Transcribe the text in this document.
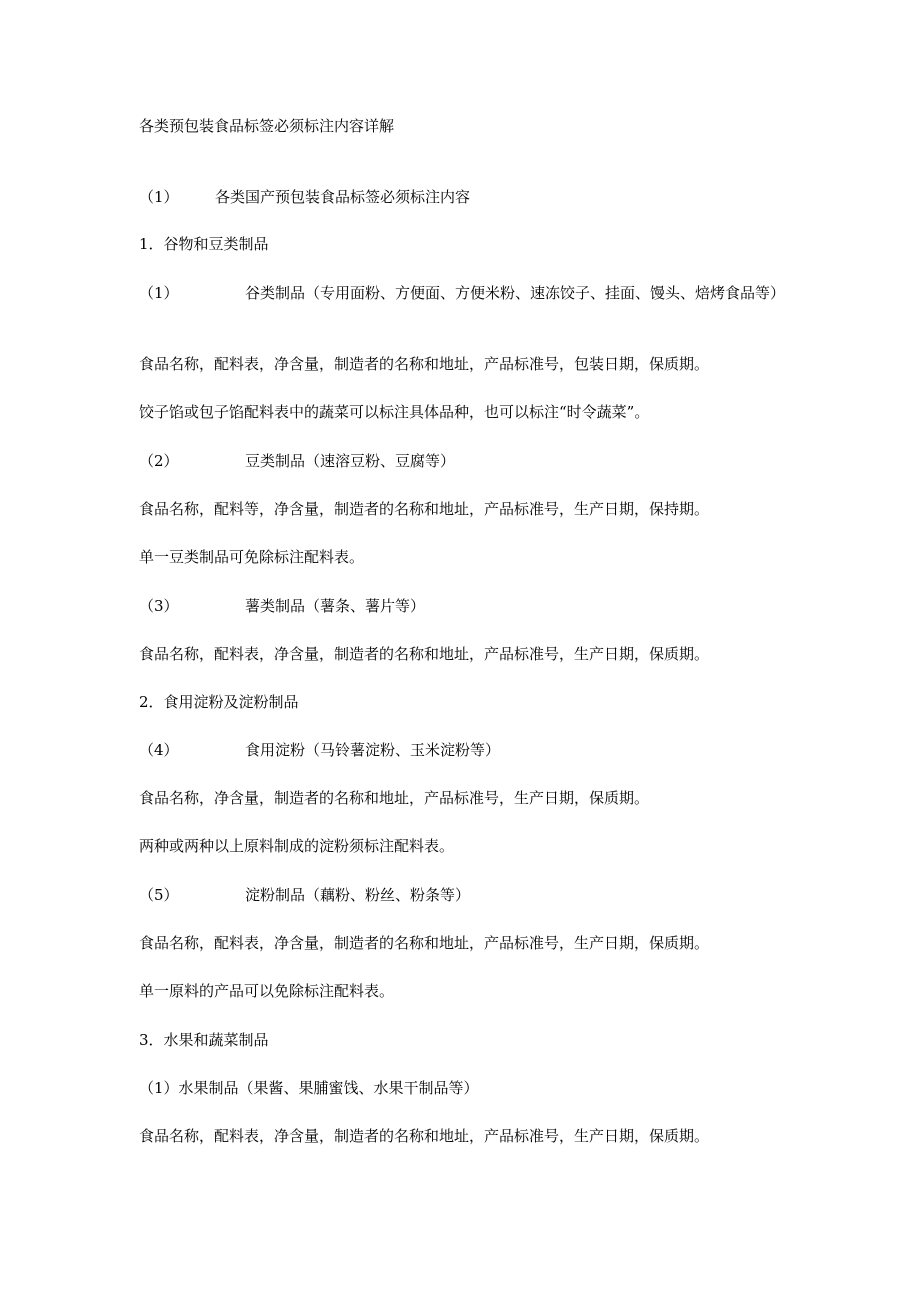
各类预包装食品标签必须标注内容详解

（1） 各类国产预包装食品标签必须标注内容

1．谷物和豆类制品

（1）	谷类制品（专用面粉、方便面、方便米粉、速冻饺子、挂面、馒头、焙烤食品等）

食品名称，配料表，净含量，制造者的名称和地址，产品标准号，包装日期，保质期。

饺子馅或包子馅配料表中的蔬菜可以标注具体品种，也可以标注“时令蔬菜”。

（2）	豆类制品（速溶豆粉、豆腐等）

食品名称，配料等，净含量，制造者的名称和地址，产品标准号，生产日期，保持期。

单一豆类制品可免除标注配料表。

（3）	薯类制品（薯条、薯片等）

食品名称，配料表，净含量，制造者的名称和地址，产品标准号，生产日期，保质期。

2．食用淀粉及淀粉制品

（4）	食用淀粉（马铃薯淀粉、玉米淀粉等）

食品名称，净含量，制造者的名称和地址，产品标准号，生产日期，保质期。

两种或两种以上原料制成的淀粉须标注配料表。

（5）	淀粉制品（藕粉、粉丝、粉条等）

食品名称，配料表，净含量，制造者的名称和地址，产品标准号，生产日期，保质期。

单一原料的产品可以免除标注配料表。

3．水果和蔬菜制品

（1）水果制品（果酱、果脯蜜饯、水果干制品等）

食品名称，配料表，净含量，制造者的名称和地址，产品标准号，生产日期，保质期。
